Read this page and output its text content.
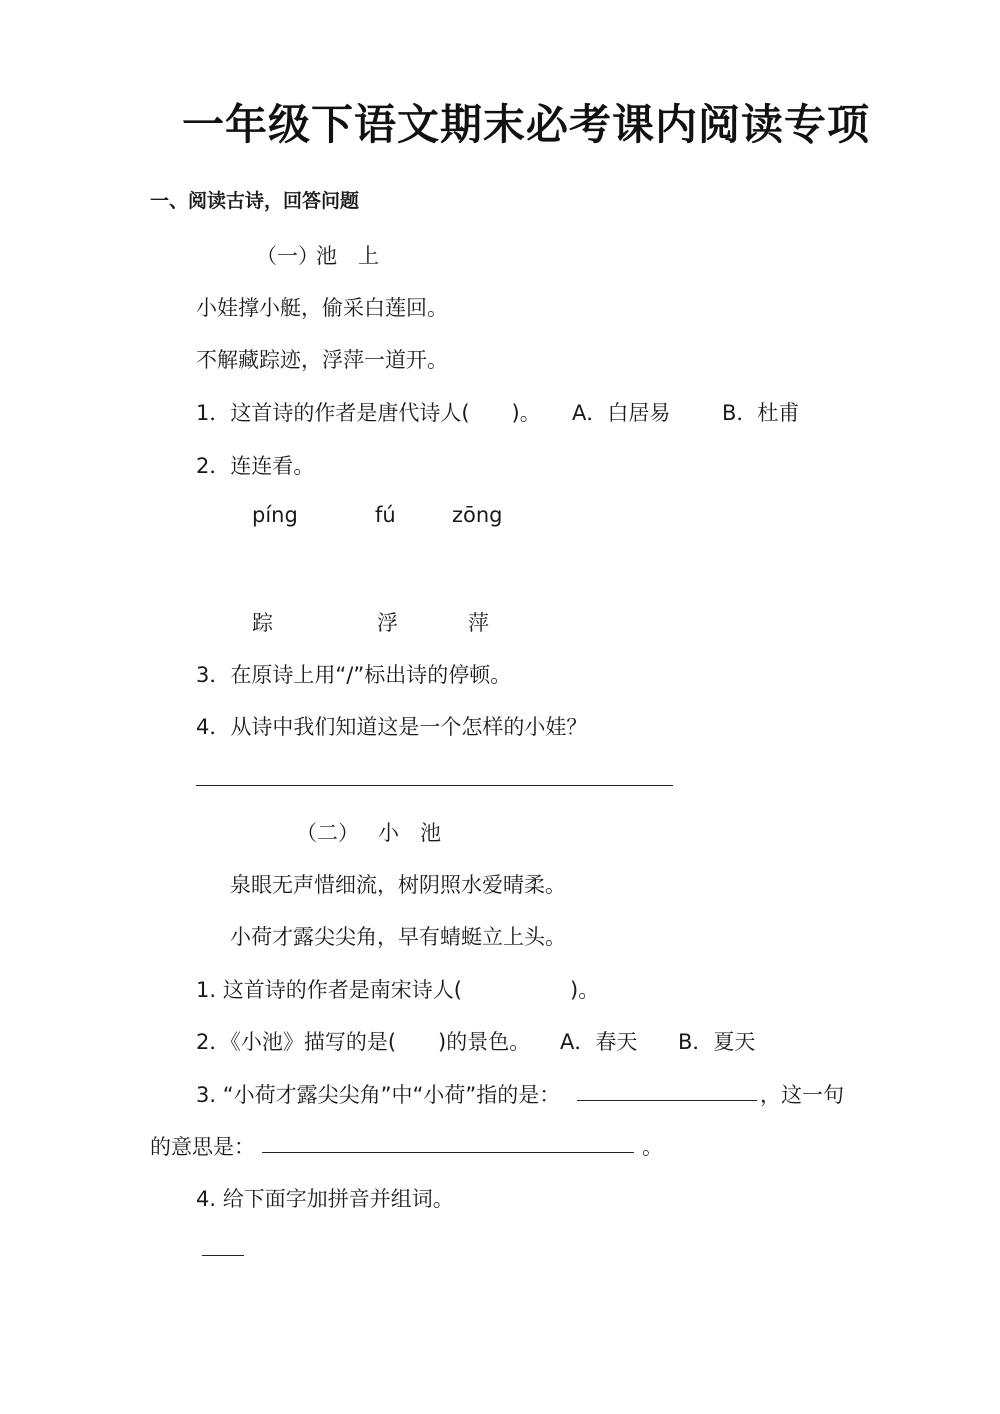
一年级下语文期末必考课内阅读专项
一、阅读古诗，回答问题
（一）
池　上
小娃撑小艇，偷采白莲回。
不解藏踪迹，浮萍一道开。
1．这首诗的作者是唐代诗人(　　)。 A．白居易 B．杜甫
2．连连看。
píng	fú	zōng
踪	浮	萍
3．在原诗上用“/”标出诗的停顿。
4．从诗中我们知道这是一个怎样的小娃？
（二） 小　池
泉眼无声惜细流，树阴照水爱晴柔。
小荷才露尖尖角，早有蜻蜓立上头。
1. 这首诗的作者是南宋诗人(	)。
2．《小池》描写的是(　　)的景色。 A．春天 B．夏天
3. “小荷才露尖尖角”中“小荷”指的是：	，这一句
的意思是：	。
4. 给下面字加拼音并组词。
